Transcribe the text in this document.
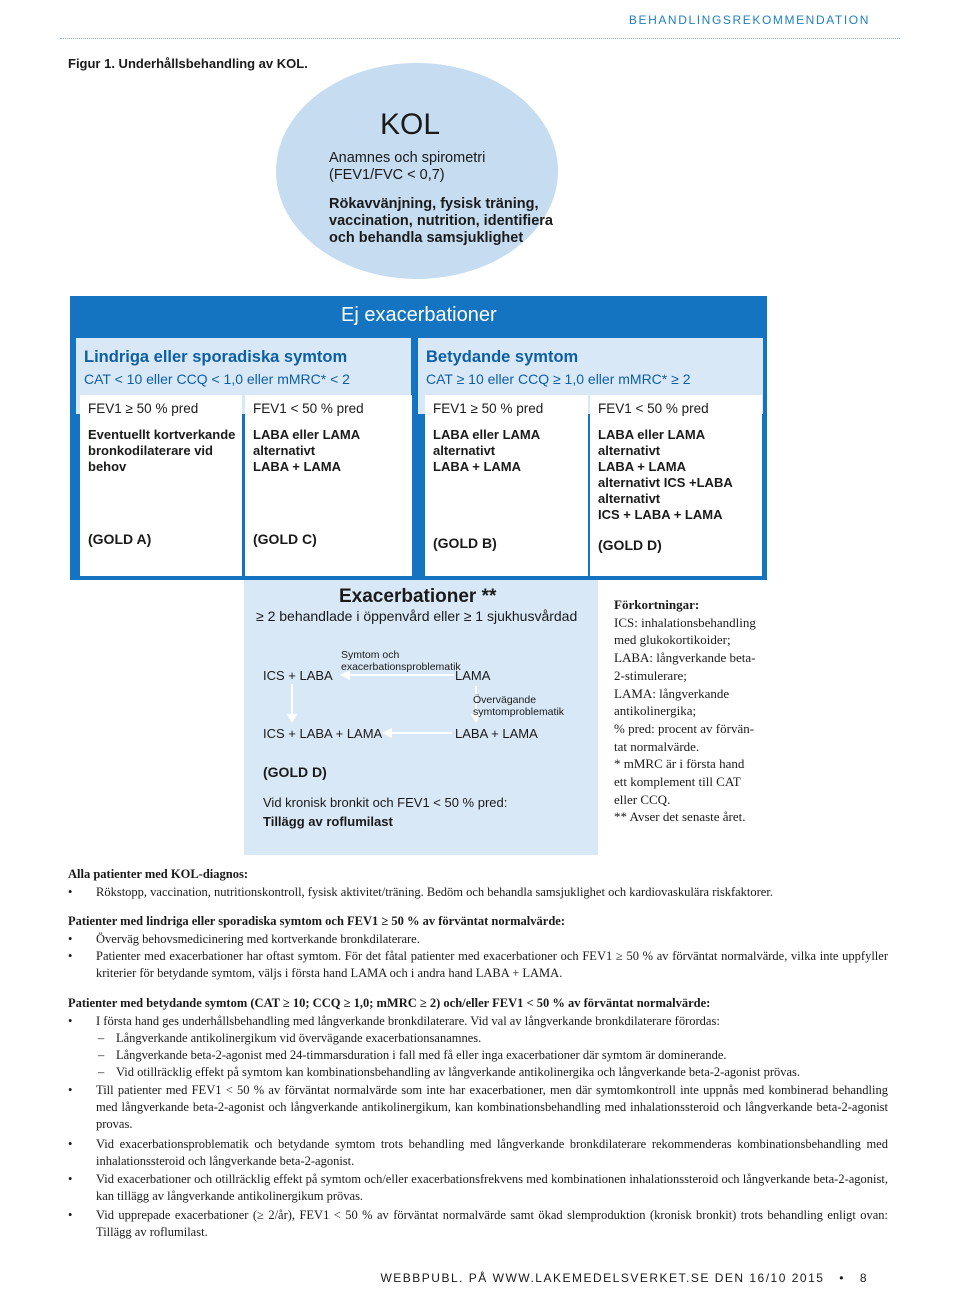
BEHANDLINGSREKOMMENDATION
Figur 1. Underhållsbehandling av KOL.
KOL
Anamnes och spirometri
(FEV1/FVC < 0,7)
Rökavvänjning, fysisk träning,
vaccination, nutrition, identifiera
och behandla samsjuklighet
Ej exacerbationer
Lindriga eller sporadiska symtom
CAT < 10 eller CCQ < 1,0 eller mMRC* < 2
Betydande symtom
CAT ≥ 10 eller CCQ ≥ 1,0 eller mMRC* ≥ 2
FEV1 ≥ 50 % pred
Eventuellt kortverkande
bronkodilaterare vid
behov
(GOLD A)
FEV1 < 50 % pred
LABA eller LAMA
alternativt
LABA + LAMA
(GOLD C)
FEV1 ≥ 50 % pred
LABA eller LAMA
alternativt
LABA + LAMA
(GOLD B)
FEV1 < 50 % pred
LABA eller LAMA
alternativt
LABA + LAMA
alternativt ICS +LABA
alternativt
ICS + LABA + LAMA
(GOLD D)
Exacerbationer **
≥ 2 behandlade i öppenvård eller ≥ 1 sjukhusvårdad
Symtom och
exacerbationsproblematik
ICS + LABA	LAMA
Övervägande
symtomproblematik
ICS + LABA + LAMA	LABA + LAMA
(GOLD D)
Vid kronisk bronkit och FEV1 < 50 % pred:
Tillägg av roflumilast
Förkortningar:
ICS: inhalationsbehandling
med glukokortikoider;
LABA: långverkande beta-
2-stimulerare;
LAMA: långverkande
antikolinergika;
% pred: procent av förvän-
tat normalvärde.
* mMRC är i första hand
ett komplement till CAT
eller CCQ.
** Avser det senaste året.
Alla patienter med KOL-diagnos:
• Rökstopp, vaccination, nutritionskontroll, fysisk aktivitet/träning. Bedöm och behandla samsjuklighet och kardiovaskulära riskfaktorer.
Patienter med lindriga eller sporadiska symtom och FEV1 ≥ 50 % av förväntat normalvärde:
• Överväg behovsmedicinering med kortverkande bronkdilaterare.
• Patienter med exacerbationer har oftast symtom. För det fåtal patienter med exacerbationer och FEV1 ≥ 50 % av förväntat normalvärde, vilka inte uppfyller kriterier för betydande symtom, väljs i första hand LAMA och i andra hand LABA + LAMA.
Patienter med betydande symtom (CAT ≥ 10; CCQ ≥ 1,0; mMRC ≥ 2) och/eller FEV1 < 50 % av förväntat normalvärde:
• I första hand ges underhållsbehandling med långverkande bronkdilaterare. Vid val av långverkande bronkdilaterare förordas:
– Långverkande antikolinergikum vid övervägande exacerbationsanamnes.
– Långverkande beta-2-agonist med 24-timmarsduration i fall med få eller inga exacerbationer där symtom är dominerande.
– Vid otillräcklig effekt på symtom kan kombinationsbehandling av långverkande antikolinergika och långverkande beta-2-agonist prövas.
• Till patienter med FEV1 < 50 % av förväntat normalvärde som inte har exacerbationer, men där symtomkontroll inte uppnås med kombinerad behandling med långverkande beta-2-agonist och långverkande antikolinergikum, kan kombinationsbehandling med inhalationssteroid och långverkande beta-2-agonist provas.
• Vid exacerbationsproblematik och betydande symtom trots behandling med långverkande bronkdilaterare rekommenderas kombinationsbehandling med inhalationssteroid och långverkande beta-2-agonist.
• Vid exacerbationer och otillräcklig effekt på symtom och/eller exacerbationsfrekvens med kombinationen inhalationssteroid och långverkande beta-2-agonist, kan tillägg av långverkande antikolinergikum prövas.
• Vid upprepade exacerbationer (≥ 2/år), FEV1 < 50 % av förväntat normalvärde samt ökad slemproduktion (kronisk bronkit) trots behandling enligt ovan: Tillägg av roflumilast.
WEBBPUBL. PÅ WWW.LAKEMEDELSVERKET.SE DEN 16/10 2015 • 8
